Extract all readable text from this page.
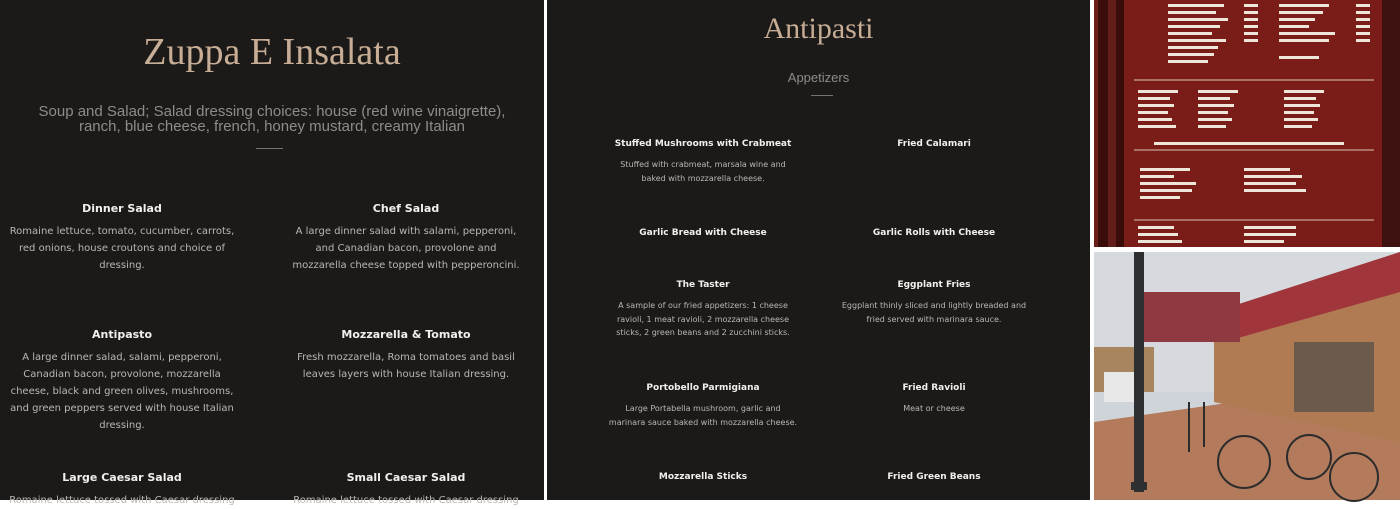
Zuppa E Insalata

Soup and Salad; Salad dressing choices: house (red wine vinaigrette), ranch, blue cheese, french, honey mustard, creamy Italian

Dinner Salad
Romaine lettuce, tomato, cucumber, carrots, red onions, house croutons and choice of dressing.
Chef Salad
A large dinner salad with salami, pepperoni, and Canadian bacon, provolone and mozzarella cheese topped with pepperoncini.
Antipasto
A large dinner salad, salami, pepperoni, Canadian bacon, provolone, mozzarella cheese, black and green olives, mushrooms, and green peppers served with house Italian dressing.
Mozzarella & Tomato
Fresh mozzarella, Roma tomatoes and basil leaves layers with house Italian dressing.
Large Caesar Salad
Romaine lettuce tossed with Caesar dressing
Small Caesar Salad
Romaine lettuce tossed with Caesar dressing
Antipasti

Appetizers

Stuffed Mushrooms with Crabmeat
Stuffed with crabmeat, marsala wine and baked with mozzarella cheese.
Fried Calamari
Garlic Bread with Cheese	Garlic Rolls with Cheese
The Taster
A sample of our fried appetizers: 1 cheese ravioli, 1 meat ravioli, 2 mozzarella cheese sticks, 2 green beans and 2 zucchini sticks.
Eggplant Fries
Eggplant thinly sliced and lightly breaded and fried served with marinara sauce.
Portobello Parmigiana
Large Portabella mushroom, garlic and marinara sauce baked with mozzarella cheese.
Fried Ravioli
Meat or cheese
Mozzarella Sticks	Fried Green Beans
